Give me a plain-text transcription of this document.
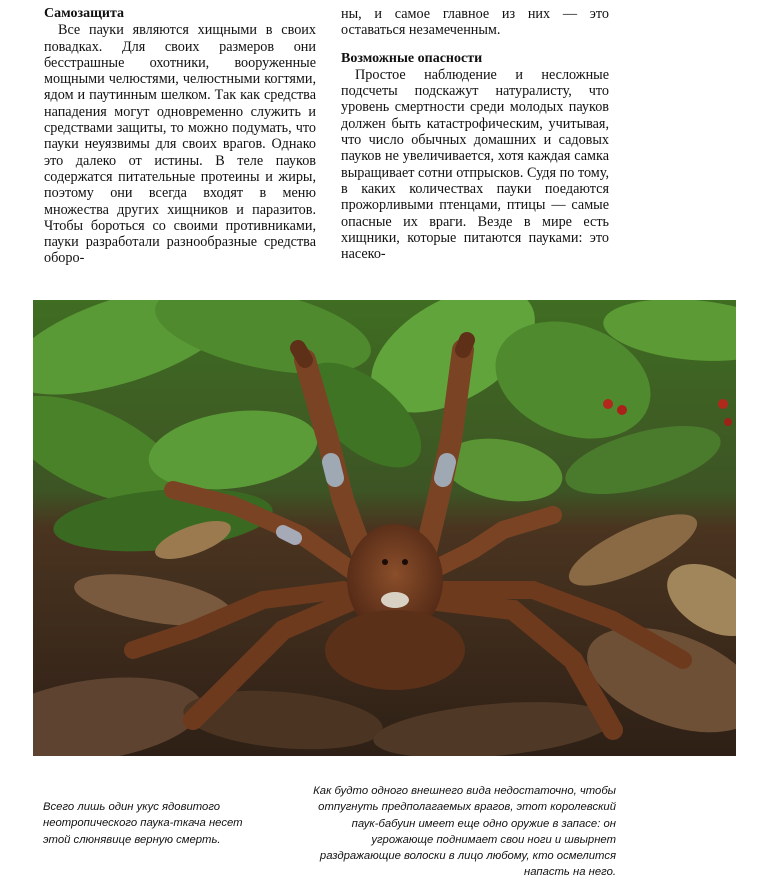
Самозащита

Все пауки являются хищными в своих повадках. Для своих размеров они бесстрашные охотники, вооруженные мощными челюстями, челюстными когтями, ядом и паутинным шелком. Так как средства нападения могут одновременно служить и средствами защиты, то можно подумать, что пауки неуязвимы для своих врагов. Однако это далеко от истины. В теле пауков содержатся питательные протеины и жиры, поэтому они всегда входят в меню множества других хищников и паразитов. Чтобы бороться со своими противниками, пауки разработали разнообразные средства оборо-

ны, и самое главное из них — это оставаться незамеченным.

Возможные опасности

Простое наблюдение и несложные подсчеты подскажут натуралисту, что уровень смертности среди молодых пауков должен быть катастрофическим, учитывая, что число обычных домашних и садовых пауков не увеличивается, хотя каждая самка выращивает сотни отпрысков. Судя по тому, в каких количествах пауки поедаются прожорливыми птенцами, птицы — самые опасные их враги. Везде в мире есть хищники, которые питаются пауками: это насеко-

Всего лишь один укус ядовитого неотропического паука-ткача несет этой слюнявице верную смерть.
Как будто одного внешнего вида недостаточно, чтобы отпугнуть предполагаемых врагов, этот королевский паук-бабуин имеет еще одно оружие в запасе: он угрожающе поднимает свои ноги и швырнет раздражающие волоски в лицо любому, кто осмелится напасть на него.
